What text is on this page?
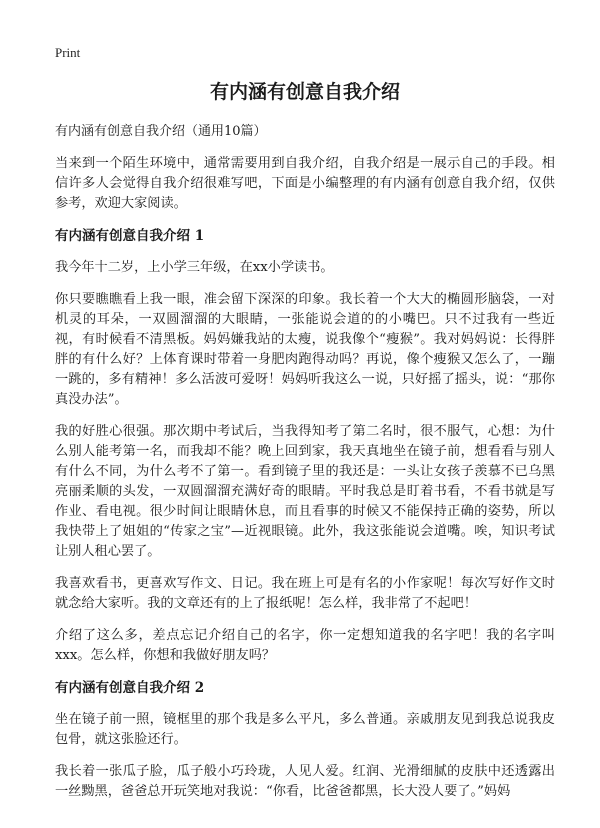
Print
有内涵有创意自我介绍

有内涵有创意自我介绍（通用10篇）

当来到一个陌生环境中，通常需要用到自我介绍，自我介绍是一展示自己的手段。相信许多人会觉得自我介绍很难写吧，下面是小编整理的有内涵有创意自我介绍，仅供参考，欢迎大家阅读。

有内涵有创意自我介绍 1

我今年十二岁，上小学三年级，在xx小学读书。

你只要瞧瞧看上我一眼，准会留下深深的印象。我长着一个大大的椭圆形脑袋，一对机灵的耳朵，一双圆溜溜的大眼睛，一张能说会道的的小嘴巴。只不过我有一些近视，有时候看不清黑板。妈妈嫌我站的太瘦，说我像个“瘦猴”。我对妈妈说：长得胖胖的有什么好？上体育课时带着一身肥肉跑得动吗？再说，像个瘦猴又怎么了，一蹦一跳的，多有精神！多么活波可爱呀！妈妈听我这么一说，只好摇了摇头，说：“那你真没办法”。

我的好胜心很强。那次期中考试后，当我得知考了第二名时，很不服气，心想：为什么别人能考第一名，而我却不能？晚上回到家，我天真地坐在镜子前，想看看与别人有什么不同，为什么考不了第一。看到镜子里的我还是：一头让女孩子羡慕不已乌黑亮丽柔顺的头发，一双圆溜溜充满好奇的眼睛。平时我总是盯着书看，不看书就是写作业、看电视。很少时间让眼睛休息，而且看事的时候又不能保持正确的姿势，所以我快带上了姐姐的“传家之宝”—近视眼镜。此外，我这张能说会道嘴。唉，知识考试让别人租心罢了。

我喜欢看书，更喜欢写作文、日记。我在班上可是有名的小作家呢！每次写好作文时就念给大家听。我的文章还有的上了报纸呢！怎么样，我非常了不起吧！

介绍了这么多，差点忘记介绍自己的名字，你一定想知道我的名字吧！我的名字叫xxx。怎么样，你想和我做好朋友吗？

有内涵有创意自我介绍 2

坐在镜子前一照，镜框里的那个我是多么平凡，多么普通。亲戚朋友见到我总说我皮包骨，就这张脸还行。

我长着一张瓜子脸，瓜子般小巧玲珑，人见人爱。红润、光滑细腻的皮肤中还透露出一丝黝黑，爸爸总开玩笑地对我说：“你看，比爸爸都黑，长大没人要了。”妈妈
